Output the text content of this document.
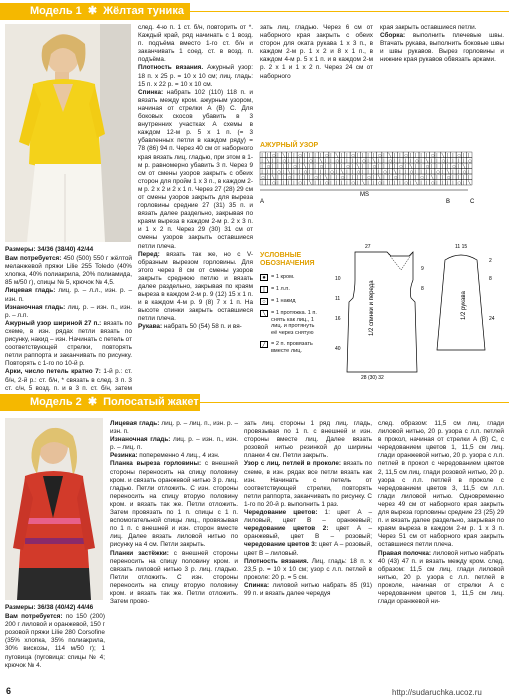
Модель 1 ✱ Жёлтая туника

Размеры: 34/36 (38/40) 42/44

Вам потребуется: 450 (500) 550 г жёлтой меланжевой пряжи Lilie 255 Toledo (40% хлопка, 40% полиакрила, 20% полиамида, 85 м/50 г), спицы № 5, крючок № 4,5.

Лицевая гладь: лиц. р. – л.л., изн. р. – изн. п.

Изнаночная гладь: лиц. р. – изн. п., изн. р. – л.п.

Ажурный узор шириной 27 п.: вязать по схеме, в изн. рядах петли вязать по рисунку, накид – изн. Начинать с петель от соответствующей стрелки, повторять петли раппорта и заканчивать по рисунку. Повторять с 1-го по 10-й р.

Арки, число петель кратно 7: 1-й р.: ст. б/н, 2-й р.: ст. б/н, * связать в след. 3 п. 3 ст. с/н, 5 возд. п. и в 3 п. ст. б/н, затем

след. 4-ю п. 1 ст. б/н, повторить от *. Каждый край, ряд начинать с 1 возд. п. подъёма вместо 1-го ст. б/н и заканчивать 1 соед. ст. в возд. п. подъёма.

Плотность вязания. Ажурный узор: 18 п. x 25 р. = 10 x 10 см; лиц. гладь: 15 п. x 22 р. = 10 x 10 см.

Спинка: набрать 102 (110) 118 п. и вязать между кром. ажурным узором, начиная от стрелки A (B) C. Для боковых скосов убавить в 3 внутренних участках A схемы в каждом 12-м р. 5 x 1 п. (= 3 убавленных петли в каждом ряду) = 78 (86) 94 п. Через 40 см от наборного края вязать лиц. гладью, при этом в 1-м р. равномерно убавить 3 п. Через 9 см от смены узоров закрыть с обеих сторон для пройм 1 x 3 п., в каждом 2-м р. 2 x 2 и 2 x 1 п. Через 27 (28) 29 см от смены узоров закрыть для выреза горловины средние 27 (31) 35 п. и вязать далее раздельно, закрывая по краям выреза в каждом 2-м р. 2 x 3 п. и 1 x 2 п. Через 29 (30) 31 см от смены узоров закрыть оставшиеся петли плеча.

Перед: вязать так же, но с V-образным вырезом горловины. Для этого через 8 см от смены узоров закрыть среднюю петлю и вязать далее раздельно, закрывая по краям выреза в каждом 2-м р. 9 (12) 15 x 1 п. и в каждом 4-м р. 9 (8) 7 x 1 п. На высоте спинки закрыть оставшиеся петли плеча.

Рукава: набрать 50 (54) 58 п. и вя-

зать лиц. гладью. Через 6 см от наборного края закрыть с обеих сторон для оката рукава 1 x 3 п., в каждом 2-м р. 1 x 2 и 8 x 1 п., в каждом 4-м р. 5 x 1 п. и в каждом 2-м р. 2 x 1 и 1 x 2 п. Через 24 см от наборного

края закрыть оставшиеся петли.
Сборка: выполнить плечевые швы. Втачать рукава, выполнить боковые швы и швы рукавов. Вырез горловины и нижние края рукавов обвязать арками.

АЖУРНЫЙ УЗОР
| | ○ | ╲ | | ○ | | | | ○ | ╲ | | ○ | | | | ○ | ╲ | | ○ | | | | ○ | ╲ | | ○ | |
| ╲ | | ○ | | | | ○ | ╲ | | ○ | | | | ○ | ╲ | | ○ | | | | ○ | ╲ | | ○ | | | | ○
| ○ | | | | ○ | ╲ | | ○ | | | | ○ | ╲ | | ○ | | | | ○ | ╲ | | ○ | | | | ○ | ╲ |
| | | ○ | ╲ | | ○ | | | | ○ | ╲ | | ○ | | | | ○ | ╲ | | ○ | | | | ○ | ╲ | | ○ |
○ | ╲ | | ○ | | | | ○ | ╲ | | ○ | | | | ○ | ╲ | | ○ | | | | ○ | ╲ | | ○ | | | |
| | ○ | | | | ○ | ╲ | | ○ | | | | ○ | ╲ | | ○ | | | | ○ | ╲ | | ○ | | | | ○ | ╲
MS
A	B	C
УСЛОВНЫЕ ОБОЗНАЧЕНИЯ
● = 1 кром.
|	= 1 л.п.
○ = 1 накид
╲ = 1 протяжка. 1 п. снять как лиц., 1 лиц. и протянуть её через снятую
╱ = 2 п. провязать вместе лиц.
1/2 спинки и переда	1/2 рукава
27
9
8
10
11
16
40
11 15
2
8
24
28 (30) 32
Модель 2 ✱ Полосатый жакет

Размеры: 36/38 (40/42) 44/46

Вам потребуется: по 150 (200) 200 г лиловой и оранжевой, 150 г розовой пряжи Lilie 280 Corsofine (35% хлопка, 35% полиакрила, 30% вискозы, 114 м/50 г); 1 пуговица (пуговица: спицы № 4; крючок № 4.

Лицевая гладь: лиц. р. – лиц. п., изн. р. – изн. п.

Изнаночная гладь: лиц. р. – изн. п., изн. р. – лиц. п.

Резинка: попеременно 4 лиц., 4 изн.

Планка выреза горловины: с внешней стороны переносить на спицу половину кром. и связать оранжевой нитью 3 р. лиц. гладью. Петли отложить. С изн. стороны переносить на спицу вторую половину кром. и вязать так же. Петли отложить. Затем провязать по 1 п. спицы с 1 п. вспомогательной спицы лиц., провязывая по 1 п. с внешней и изн. сторон вместе лиц. Далее вязать лиловой нитью по рисунку на 4 см. Петли закрыть.

Планки застёжки: с внешней стороны переносить на спицу половину кром. и связать лиловой нитью 3 р. лиц. гладью. Петли отложить. С изн. стороны переносить на спицу вторую половину кром. и вязать так же. Петли отложить. Затем прово-

зать лиц. стороны 1 ряд лиц. гладь, провязывая по 1 п. с внешней и изн. стороны вместе лиц. Далее вязать розовой нитью резинкой до ширины планки 4 см. Петли закрыть.

Узор с лиц. петлей в проколе: вязать по схеме, в изн. рядах все петли вязать как изн. Начинать с петель от соответствующей стрелки, повторять петли раппорта, заканчивать по рисунку. С 1-го по 20-й р. выполнить 1 раз.

Чередование цветов: 1: цвет A – лиловый, цвет B – оранжевый; чередование цветов 2: цвет A – оранжевый, цвет B – розовый; чередование цветов 3: цвет A – розовый, цвет B – лиловый.

Плотность вязания. Лиц. гладь: 18 п. x 23,5 р. = 10 x 10 см; узор с л.п. петлей в проколе: 20 р. = 5 см.

Спинка: лиловой нитью набрать 85 (91) 99 п. и вязать далее чередуя

след. образом: 11,5 см лиц. глади лиловой нитью, 20 р. узора с л.п. петлей в прокол, начиная от стрелки A (B) C, с чередованием цветов 1, 11,5 см лиц. глади оранжевой нитью, 20 р. узора с л.п. петлей в прокол с чередованием цветов 2, 11,5 см лиц. глади розовой нитью, 20 р. узора с л.п. петлей в проколе с чередованием цветов 3, 11,5 см л.п. глади лиловой нитью. Одновременно через 49 см от наборного края закрыть для выреза горловины средние 23 (25) 29 п. и вязать далее раздельно, закрывая по краям выреза в каждом 2-м р. 1 x 3 п. Через 51 см от наборного края закрыть оставшиеся петли плеча.

Правая полочка: лиловой нитью набрать 40 (43) 47 п. и вязать между кром. след. образом: 11,5 см лиц. глади лиловой нитью, 20 р. узора с л.п. петлей в проколе, начиная от стрелки A с чередованием цветов 1, 11,5 см лиц. глади оранжевой ни-

6	http://sudaruchka.ucoz.ru
